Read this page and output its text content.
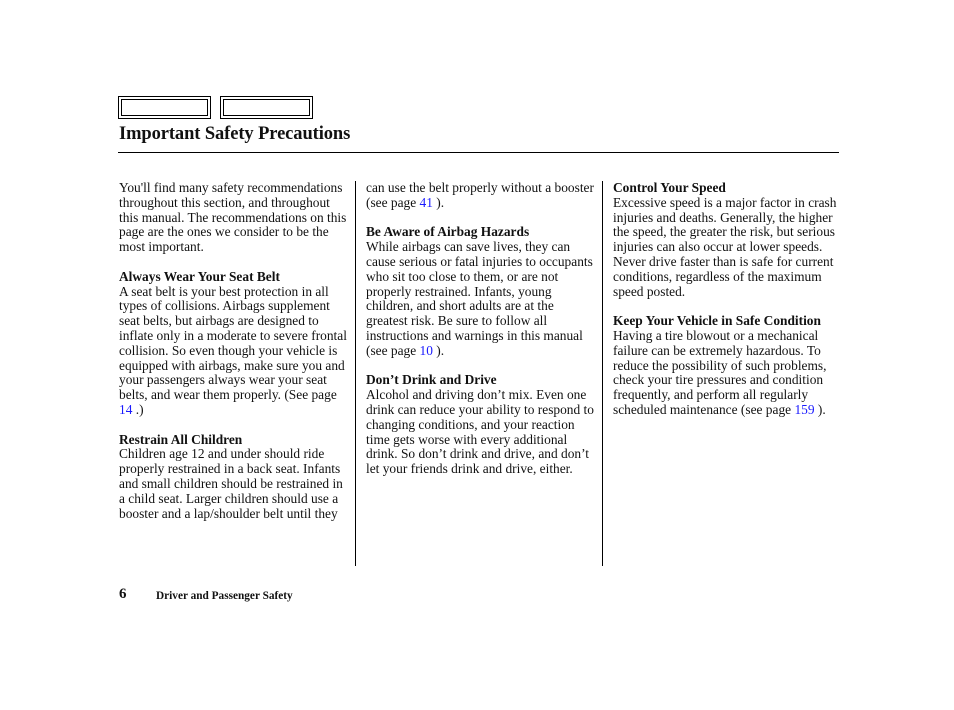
Important Safety Precautions

You'll find many safety recommendations throughout this section, and throughout this manual. The recommendations on this page are the ones we consider to be the most important.

Always Wear Your Seat Belt
A seat belt is your best protection in all types of collisions. Airbags supplement seat belts, but airbags are designed to inflate only in a moderate to severe frontal collision. So even though your vehicle is equipped with airbags, make sure you and your passengers always wear your seat belts, and wear them properly. (See page 14 .)

Restrain All Children
Children age 12 and under should ride properly restrained in a back seat. Infants and small children should be restrained in a child seat. Larger children should use a booster and a lap/shoulder belt until they

can use the belt properly without a booster (see page 41 ).

Be Aware of Airbag Hazards
While airbags can save lives, they can cause serious or fatal injuries to occupants who sit too close to them, or are not properly restrained. Infants, young children, and short adults are at the greatest risk. Be sure to follow all instructions and warnings in this manual (see page 10 ).

Don’t Drink and Drive
Alcohol and driving don’t mix. Even one drink can reduce your ability to respond to changing conditions, and your reaction time gets worse with every additional drink. So don’t drink and drive, and don’t let your friends drink and drive, either.

Control Your Speed
Excessive speed is a major factor in crash injuries and deaths. Generally, the higher the speed, the greater the risk, but serious injuries can also occur at lower speeds. Never drive faster than is safe for current conditions, regardless of the maximum speed posted.

Keep Your Vehicle in Safe Condition
Having a tire blowout or a mechanical failure can be extremely hazardous. To reduce the possibility of such problems, check your tire pressures and condition frequently, and perform all regularly scheduled maintenance (see page 159 ).

6	Driver and Passenger Safety
